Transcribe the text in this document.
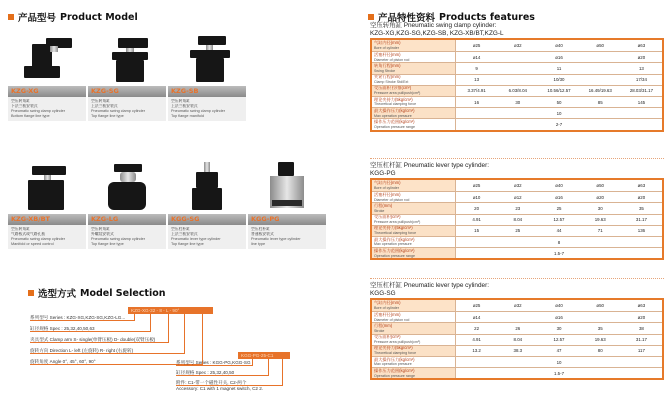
产品型号 Product Model
KZG-XG
空压转角缸
下法兰板安装式
Pneumatic swing clamp cylinder
Bottom flange line type
KZG-SG
空压转角缸
上法兰板安装式
Pneumatic swing clamp cylinder
Top flange line type
KZG-SB
空压转角缸
上法兰板安装式
Pneumatic swing clamp cylinder
Top flange manifold
KZG-XB/BT
空压转角缸
气路板式或气路孔板
Pneumatic swing clamp cylinder
Manifold or speed control
KZG-LG
空压转角缸
外螺纹安装式
Pneumatic swing clamp cylinder
Top flange line type
KGG-SG
空压杠杆缸
上法兰板安装式
Pneumatic lever type cylinder
Top flange line type
KGG-PG
空压杠杆缸
普通板安装式
Pneumatic lever type cylinder
line type
选型方式 Model Selection
KZG-XG-32 - 8 - L - 90°
系列型号 Series : KZG-XG,KZG-SG,KZG-LG...
缸径规格 Spec : 25,32,40,50,63
夹具型式 Clamp arm S- single(单臂压板) D- double(双臂压板)
旋转方向 Direction L- left (左旋转) R- right (右旋转)
旋转角度 Angle 0°, 45°, 60°, 90°
KGG-PG-25-C1
系列型号 Series : KGG-PG,KGG-SG
缸径规格 Spec : 25,32,40,50
附件: C1-带一个磁性开关, C2-两个
Accessory: C1 with 1 magnet switch, C2 2.
产品特性资料 Products features
空压转角缸 Pneumatic swing clamp cylinder:
KZG-XG,KZG-SG,KZG-SB, KZG-XB/BT,KZG-L
气缸内径(mm)
Bore of cylinder	ø25	ø32	ø40	ø50	ø63
活塞杆径(mm)
Diameter of piston rod	ø14	ø16	ø20
转角行程(mm)
Swing Stroke	9	11	13
夹紧行程(mm)
Clamp Stroke Std/Ext	13	10/30	17/34
受压面积 拉/推(cm²)
Pressure area pull/push(cm²)	3.37/4.91	6.03/8.04	10.56/12.57	16.49/19.63	28.03/31.17
理论夹持力(5kg/cm²)
Theoretical clamping force	16	30	50	85	145
最大操作压力(kg/cm²)
Max operation pressure	10
操作压力范围(kg/cm²)
Operation pressure range	2-7
空压杠杆缸 Pneumatic lever type cylinder:
KGG-PG
气缸内径(mm)
Bore of cylinder	ø25	ø32	ø40	ø50	ø63
活塞杆径(mm)
Diameter of piston rod	ø10	ø12	ø16	ø20	ø20
行程(mm)
Stroke	20	23	25	30	35
受压面积(cm²)
Pressure area pull/push(cm²)	4.91	8.04	12.57	19.63	31.17
理论夹持力(5kg/cm²)
Theoretical clamping force	15	25	44	71	136
最大操作压力(kg/cm²)
Max operation pressure	8
操作压力范围(kg/cm²)
Operation pressure range	1.5-7
空压杠杆缸 Pneumatic lever type cylinder:
KGG-SG
气缸内径(mm)
Bore of cylinder	ø25	ø32	ø40	ø50	ø63
活塞杆径(mm)
Diameter of piston rod	ø14	ø16	ø20
行程(mm)
Stroke	22	26	30	35	38
受压面积(cm²)
Pressure area pull/push(cm²)	4.91	8.04	12.57	19.63	31.17
理论夹持力(5kg/cm²)
Theoretical clamping force	13.2	38.3	47	80	117
最大操作压力(kg/cm²)
Max operation pressure	10
操作压力范围(kg/cm²)
Operation pressure range	1.5-7
